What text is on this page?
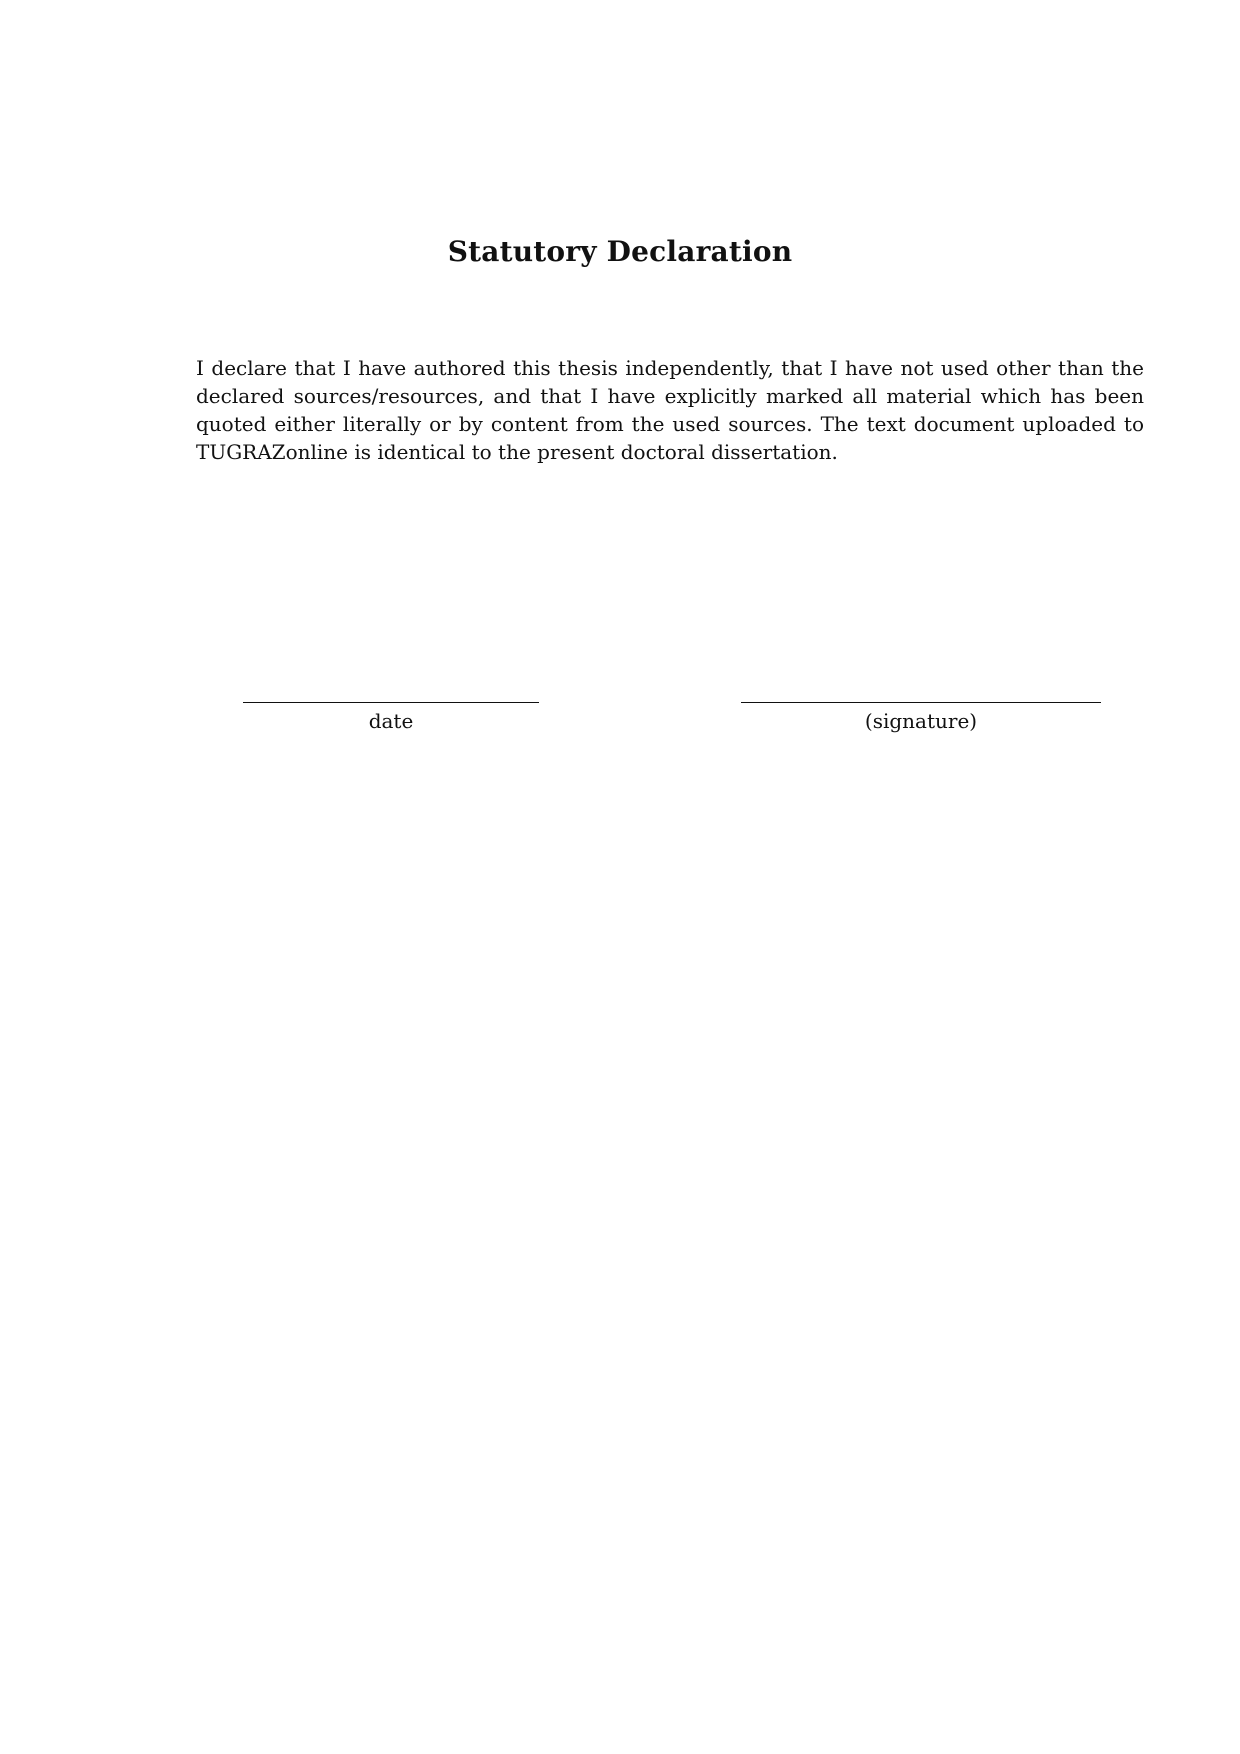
Statutory Declaration

I declare that I have authored this thesis independently, that I have not used other than the declared sources/resources, and that I have explicitly marked all material which has been quoted either literally or by content from the used sources. The text document uploaded to TUGRAZonline is identical to the present doctoral dissertation.

date	(signature)
